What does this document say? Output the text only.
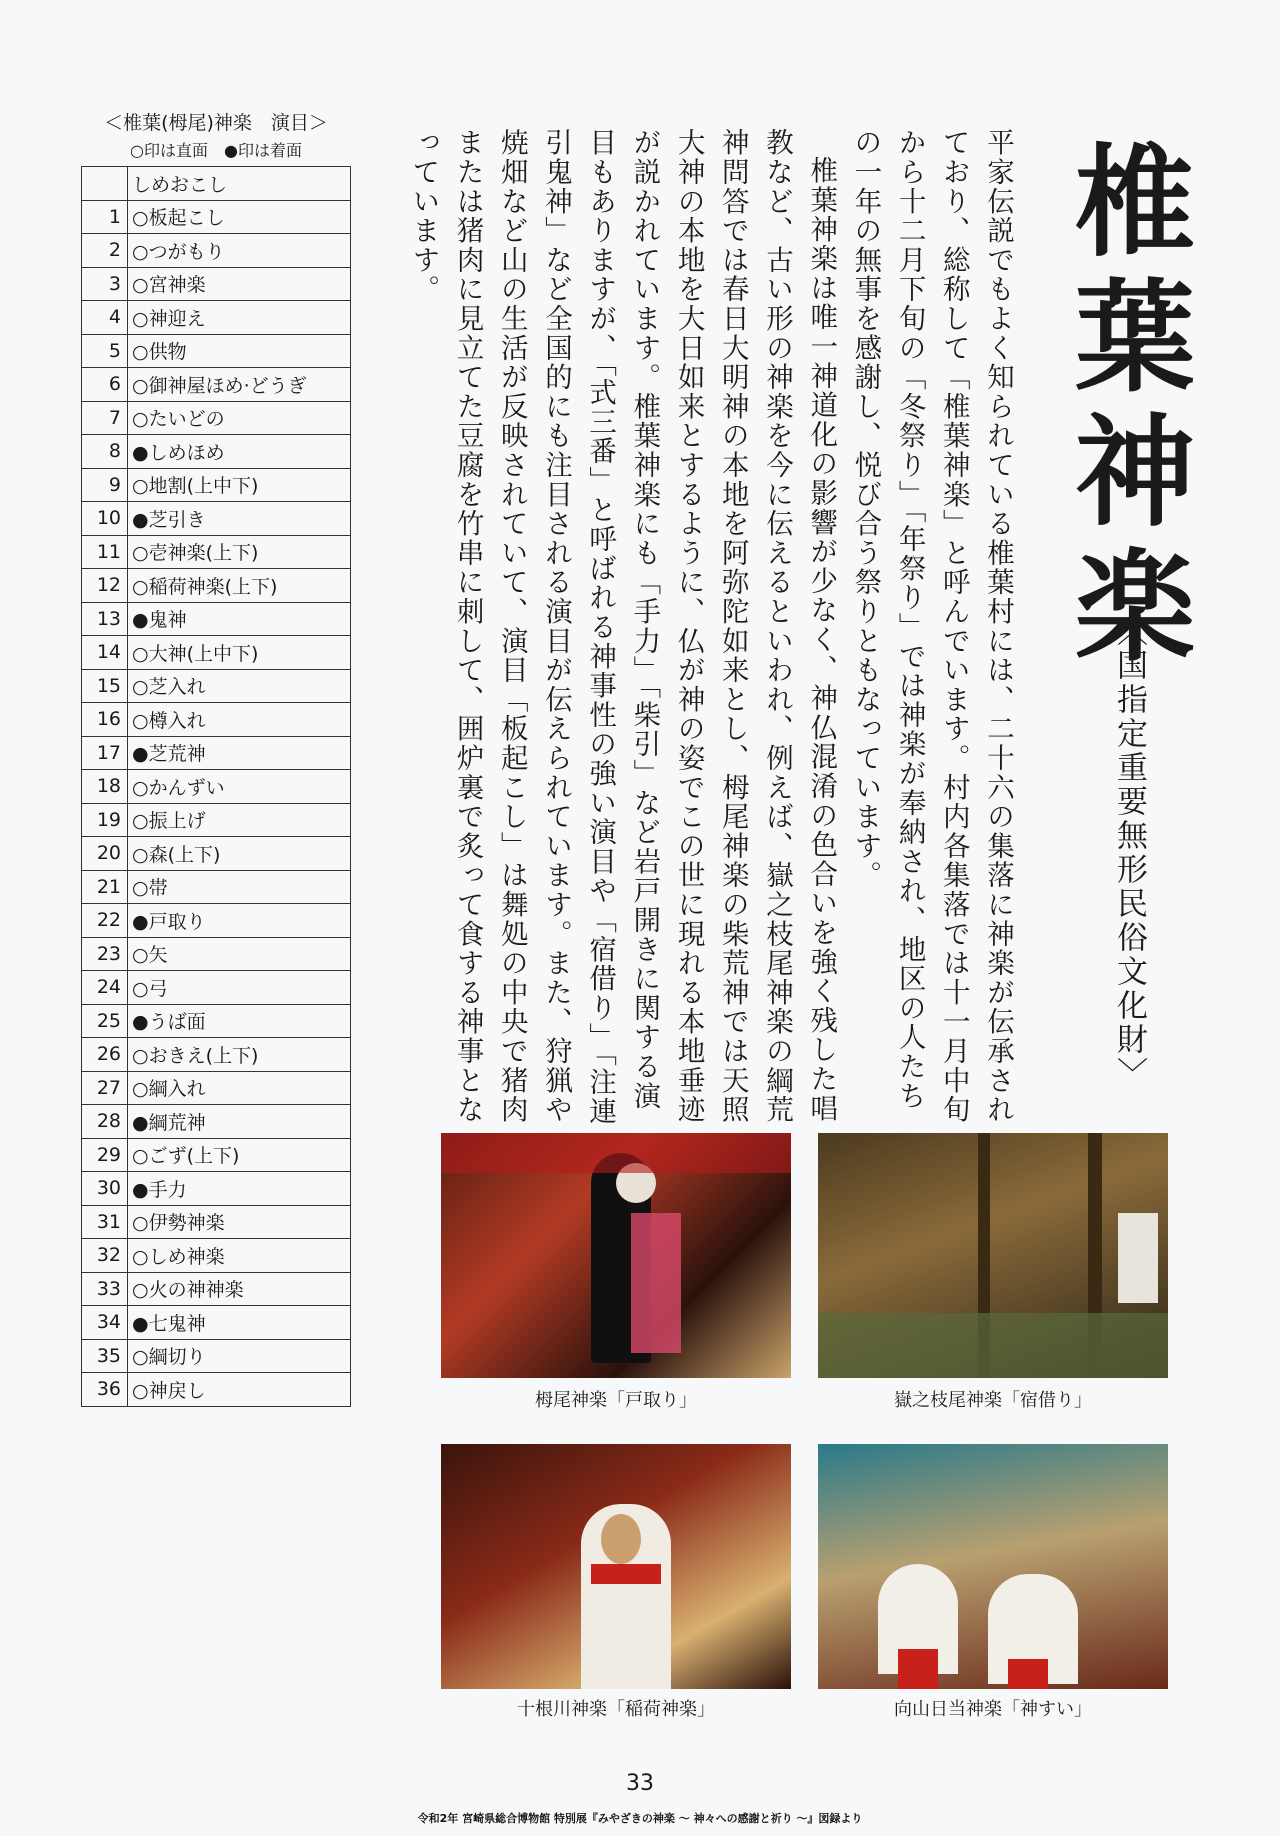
＜椎葉(栂尾)神楽　演目＞
○印は直面　●印は着面
	しめおこし
1	○板起こし
2	○つがもり
3	○宮神楽
4	○神迎え
5	○供物
6	○御神屋ほめ·どうぎ
7	○たいどの
8	●しめほめ
9	○地割(上中下)
10	●芝引き
11	○壱神楽(上下)
12	○稲荷神楽(上下)
13	●鬼神
14	○大神(上中下)
15	○芝入れ
16	○樽入れ
17	●芝荒神
18	○かんずい
19	○振上げ
20	○森(上下)
21	○帯
22	●戸取り
23	○矢
24	○弓
25	●うば面
26	○おきえ(上下)
27	○綱入れ
28	●綱荒神
29	○ごず(上下)
30	●手力
31	○伊勢神楽
32	○しめ神楽
33	○火の神神楽
34	●七鬼神
35	○綱切り
36	○神戻し
椎葉神楽
〈国指定重要無形民俗文化財〉

平家伝説でもよく知られている椎葉村には、二十六の集落に神楽が伝承されており、総称して「椎葉神楽」と呼んでいます。村内各集落では十一月中旬から十二月下旬の「冬祭り」「年祭り」では神楽が奉納され、地区の人たちの一年の無事を感謝し、悦び合う祭りともなっています。

椎葉神楽は唯一神道化の影響が少なく、神仏混淆の色合いを強く残した唱教など、古い形の神楽を今に伝えるといわれ、例えば、嶽之枝尾神楽の綱荒神問答では春日大明神の本地を阿弥陀如来とし、栂尾神楽の柴荒神では天照大神の本地を大日如来とするように、仏が神の姿でこの世に現れる本地垂迹が説かれています。椎葉神楽にも「手力」「柴引」など岩戸開きに関する演目もありますが、「式三番」と呼ばれる神事性の強い演目や「宿借り」「注連引鬼神」など全国的にも注目される演目が伝えられています。また、狩猟や焼畑など山の生活が反映されていて、演目「板起こし」は舞処の中央で猪肉または猪肉に見立てた豆腐を竹串に刺して、囲炉裏で炙って食する神事となっています。

栂尾神楽「戸取り」	嶽之枝尾神楽「宿借り」
十根川神楽「稲荷神楽」	向山日当神楽「神すい」
33
令和2年 宮崎県総合博物館 特別展『みやざきの神楽 ～ 神々への感謝と祈り ～』図録より
